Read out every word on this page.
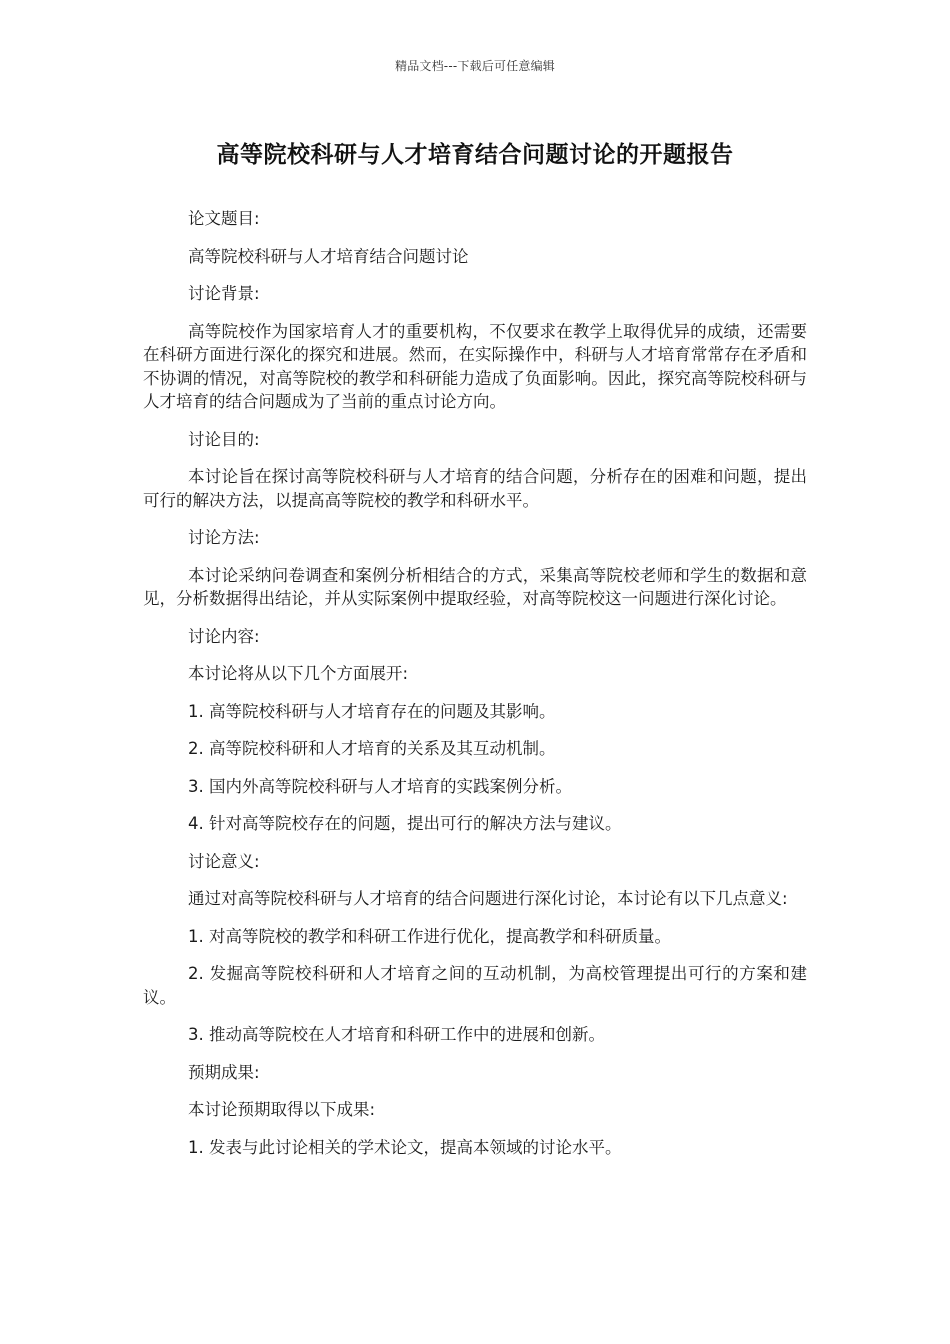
精品文档---下载后可任意编辑
高等院校科研与人才培育结合问题讨论的开题报告

论文题目:

高等院校科研与人才培育结合问题讨论

讨论背景:

高等院校作为国家培育人才的重要机构，不仅要求在教学上取得优异的成绩，还需要在科研方面进行深化的探究和进展。然而，在实际操作中，科研与人才培育常常存在矛盾和不协调的情况，对高等院校的教学和科研能力造成了负面影响。因此，探究高等院校科研与人才培育的结合问题成为了当前的重点讨论方向。

讨论目的:

本讨论旨在探讨高等院校科研与人才培育的结合问题，分析存在的困难和问题，提出可行的解决方法，以提高高等院校的教学和科研水平。

讨论方法:

本讨论采纳问卷调查和案例分析相结合的方式，采集高等院校老师和学生的数据和意见，分析数据得出结论，并从实际案例中提取经验，对高等院校这一问题进行深化讨论。

讨论内容:

本讨论将从以下几个方面展开:

1. 高等院校科研与人才培育存在的问题及其影响。

2. 高等院校科研和人才培育的关系及其互动机制。

3. 国内外高等院校科研与人才培育的实践案例分析。

4. 针对高等院校存在的问题，提出可行的解决方法与建议。

讨论意义:

通过对高等院校科研与人才培育的结合问题进行深化讨论，本讨论有以下几点意义:

1. 对高等院校的教学和科研工作进行优化，提高教学和科研质量。

2. 发掘高等院校科研和人才培育之间的互动机制，为高校管理提出可行的方案和建议。

3. 推动高等院校在人才培育和科研工作中的进展和创新。

预期成果:

本讨论预期取得以下成果:

1. 发表与此讨论相关的学术论文，提高本领域的讨论水平。
